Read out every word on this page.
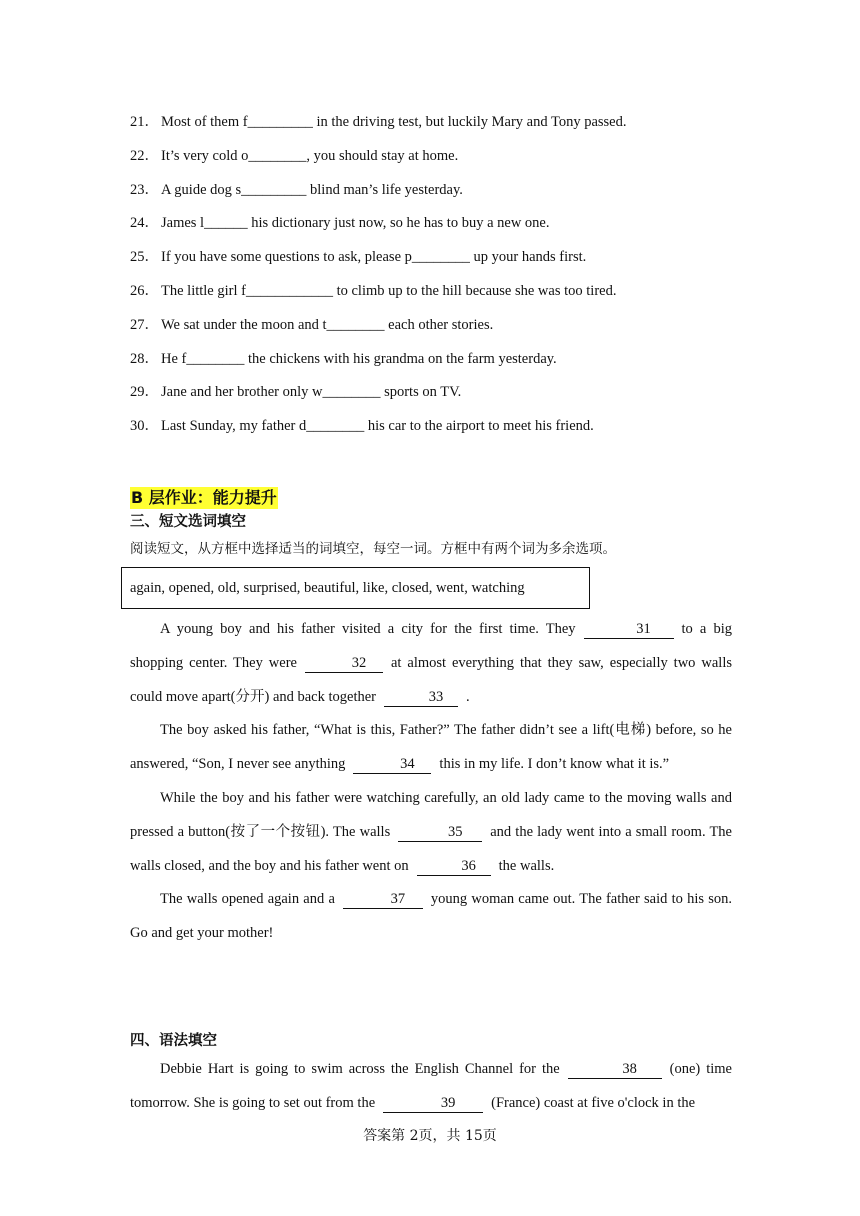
21． Most of them f_________ in the driving test, but luckily Mary and Tony passed.
22． It’s very cold o________, you should stay at home.
23． A guide dog s_________ blind man’s life yesterday.
24． James l______ his dictionary just now, so he has to buy a new one.
25． If you have some questions to ask, please p________ up your hands first.
26． The little girl f____________ to climb up to the hill because she was too tired.
27． We sat under the moon and t________ each other stories.
28． He f________ the chickens with his grandma on the farm yesterday.
29． Jane and her brother only w________ sports on TV.
30． Last Sunday, my father d________ his car to the airport to meet his friend.
B 层作业：能力提升
三、短文选词填空
阅读短文，从方框中选择适当的词填空，每空一词。方框中有两个词为多余选项。
again, opened, old, surprised, beautiful, like, closed, went, watching

A young boy and his father visited a city for the first time. They	31 to a big shopping center. They were	32 at almost everything that they saw, especially two walls could move apart(分开) and back together	33 .

The boy asked his father, “What is this, Father?” The father didn’t see a lift(电梯) before, so he answered, “Son, I never see anything	34 this in my life. I don’t know what it is.”

While the boy and his father were watching carefully, an old lady came to the moving walls and pressed a button(按了一个按钮). The walls	35 and the lady went into a small room. The walls closed, and the boy and his father went on	36 the walls.

The walls opened again and a	37 young woman came out. The father said to his son. Go and get your mother!

四、语法填空

Debbie Hart is going to swim across the English Channel for the	38 (one) time tomorrow. She is going to set out from the	39 (France) coast at five o'clock in the

答案第 2页，共 15页
